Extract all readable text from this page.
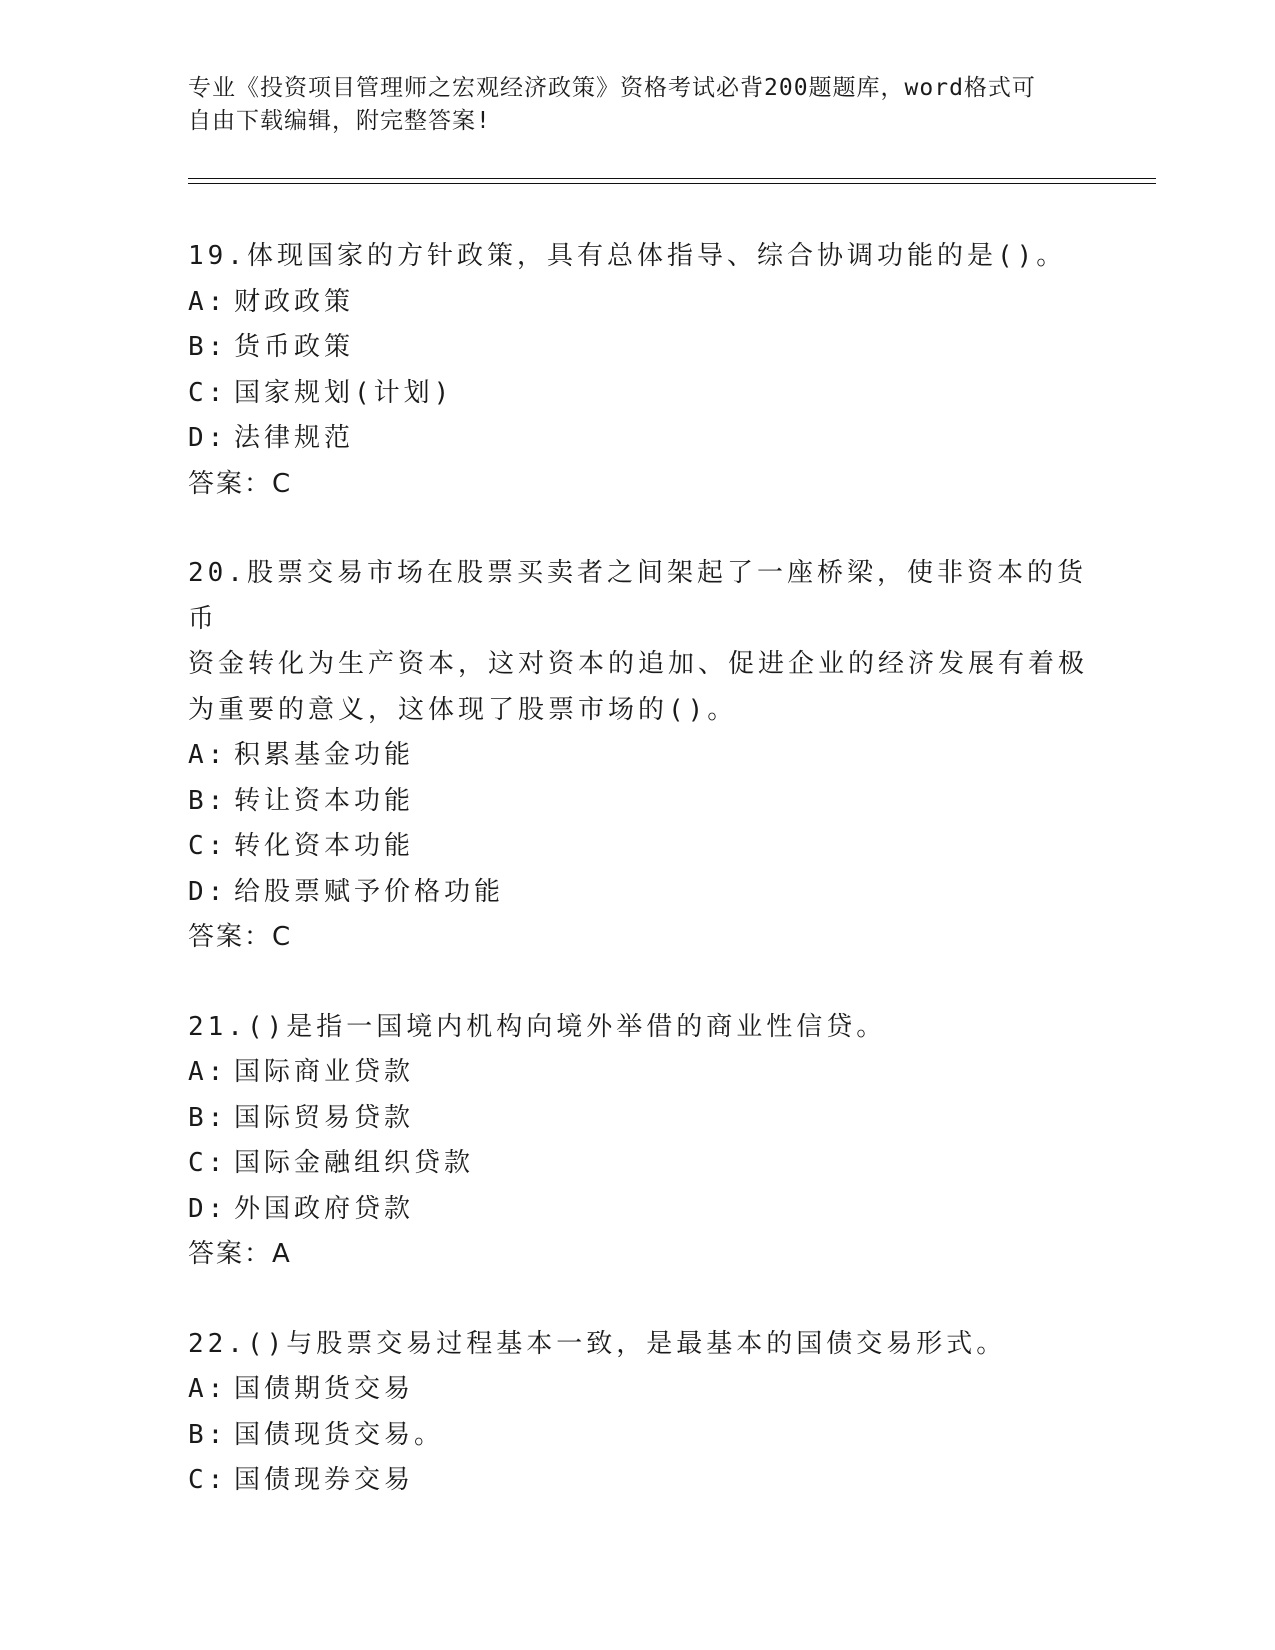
专业《投资项目管理师之宏观经济政策》资格考试必背200题题库，word格式可
自由下载编辑，附完整答案!
19.体现国家的方针政策，具有总体指导、综合协调功能的是()。
A: 财政政策
B: 货币政策
C: 国家规划(计划)
D: 法律规范
答案：C
20.股票交易市场在股票买卖者之间架起了一座桥梁，使非资本的货币
资金转化为生产资本，这对资本的追加、促进企业的经济发展有着极
为重要的意义，这体现了股票市场的()。
A: 积累基金功能
B: 转让资本功能
C: 转化资本功能
D: 给股票赋予价格功能
答案：C
21.()是指一国境内机构向境外举借的商业性信贷。
A: 国际商业贷款
B: 国际贸易贷款
C: 国际金融组织贷款
D: 外国政府贷款
答案：A
22.()与股票交易过程基本一致，是最基本的国债交易形式。
A: 国债期货交易
B: 国债现货交易。
C: 国债现券交易
